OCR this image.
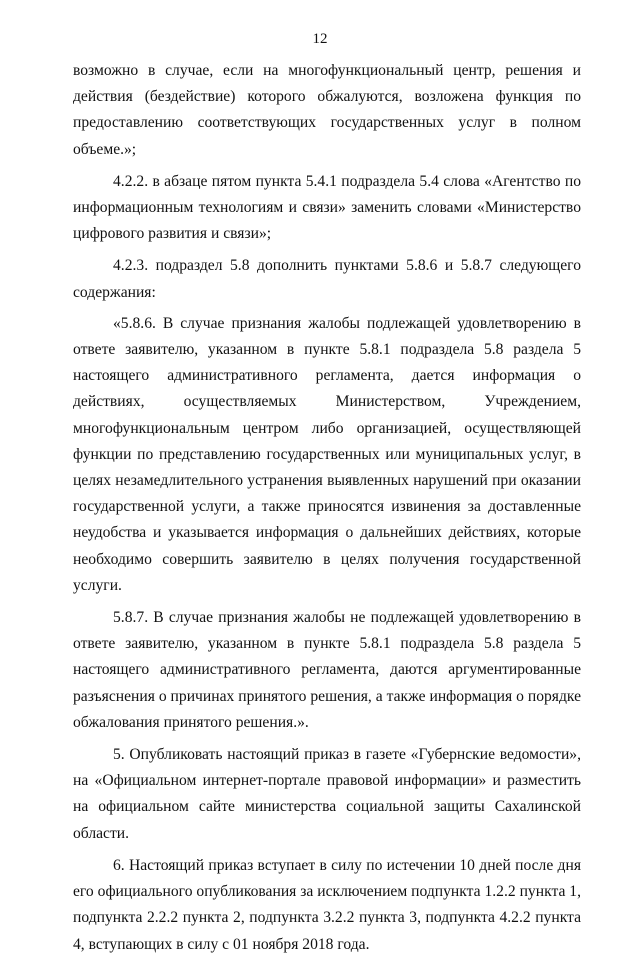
12

возможно в случае, если на многофункциональный центр, решения и действия (бездействие) которого обжалуются, возложена функция по предоставлению соответствующих государственных услуг в полном объеме.»;

4.2.2. в абзаце пятом пункта 5.4.1 подраздела 5.4 слова «Агентство по информационным технологиям и связи» заменить словами «Министерство цифрового развития и связи»;

4.2.3. подраздел 5.8 дополнить пунктами 5.8.6 и 5.8.7 следующего содержания:

«5.8.6. В случае признания жалобы подлежащей удовлетворению в ответе заявителю, указанном в пункте 5.8.1 подраздела 5.8 раздела 5 настоящего административного регламента, дается информация о действиях, осуществляемых Министерством, Учреждением, многофункциональным центром либо организацией, осуществляющей функции по представлению государственных или муниципальных услуг, в целях незамедлительного устранения выявленных нарушений при оказании государственной услуги, а также приносятся извинения за доставленные неудобства и указывается информация о дальнейших действиях, которые необходимо совершить заявителю в целях получения государственной услуги.

5.8.7. В случае признания жалобы не подлежащей удовлетворению в ответе заявителю, указанном в пункте 5.8.1 подраздела 5.8 раздела 5 настоящего административного регламента, даются аргументированные разъяснения о причинах принятого решения, а также информация о порядке обжалования принятого решения.».

5. Опубликовать настоящий приказ в газете «Губернские ведомости», на «Официальном интернет-портале правовой информации» и разместить на официальном сайте министерства социальной защиты Сахалинской области.

6. Настоящий приказ вступает в силу по истечении 10 дней после дня его официального опубликования за исключением подпункта 1.2.2 пункта 1, подпункта 2.2.2 пункта 2, подпункта 3.2.2 пункта 3, подпункта 4.2.2 пункта 4, вступающих в силу с 01 ноября 2018 года.
